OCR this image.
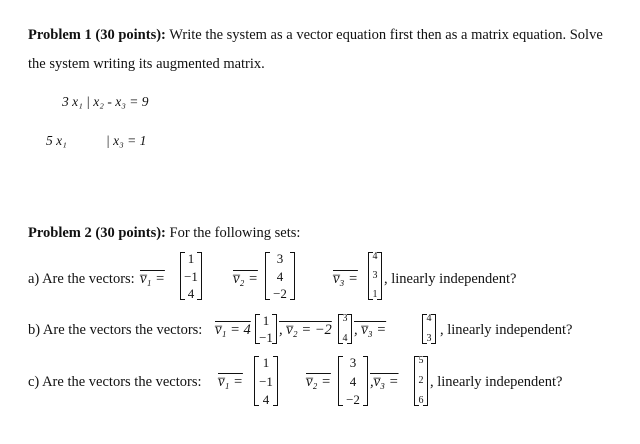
Problem 1 (30 points): Write the system as a vector equation first then as a matrix equation. Solve
the system writing its augmented matrix.
3 x₁ | x₂ - x₃ = 9
5 x₁	| x₃ = 1
Problem 2 (30 points): For the following sets:
a) Are the vectors: v̅₁ =
1
−1
4
v̅₂ =
3
4
−2
v̅₃ =
4
3
1
, linearly independent?
b) Are the vectors the vectors: v̅₁ = 4
1
−1 , v̅₂ = −2
3
4
, v̅₃ =
4
3
, linearly independent?
c) Are the vectors the vectors: v̅₁ =
1
−1
4
v̅₂ =
3
4
−2
,v̅₃ =
5
2
6
, linearly independent?
